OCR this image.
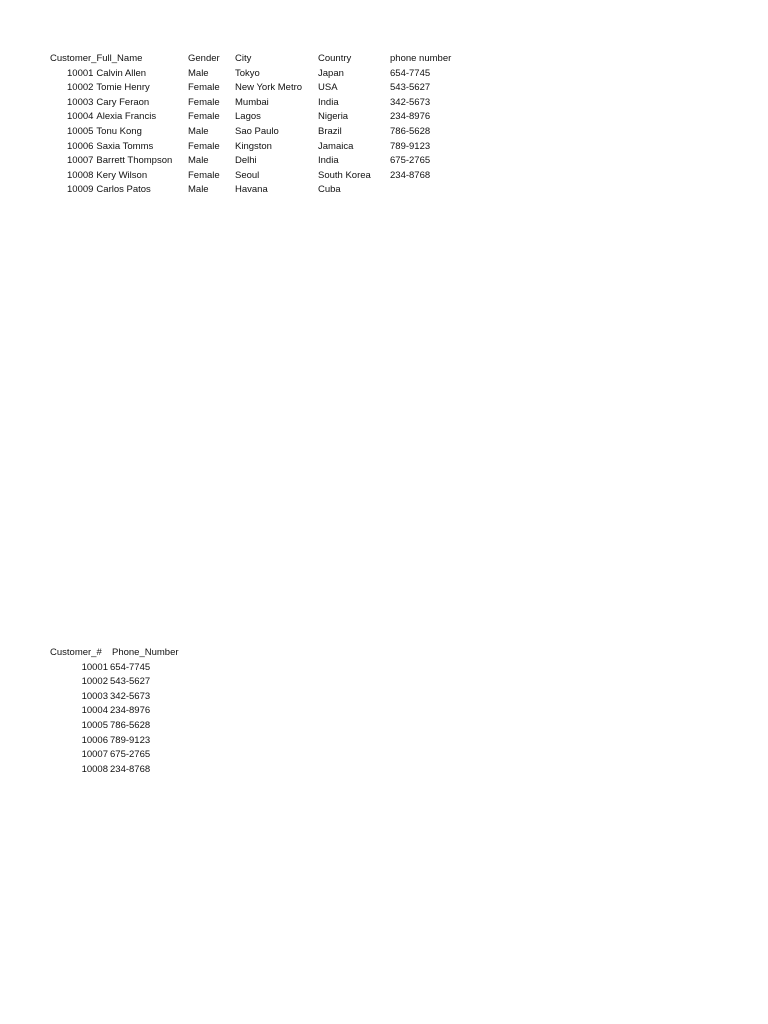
Customer_Full_Name	Gender	City	Country	phone number
10001 Calvin Allen	Male	Tokyo	Japan	654-7745
10002 Tomie Henry	Female	New York Metro	USA	543-5627
10003 Cary Feraon	Female	Mumbai	India	342-5673
10004 Alexia Francis	Female	Lagos	Nigeria	234-8976
10005 Tonu Kong	Male	Sao Paulo	Brazil	786-5628
10006 Saxia Tomms	Female	Kingston	Jamaica	789-9123
10007 Barrett Thompson	Male	Delhi	India	675-2765
10008 Kery Wilson	Female	Seoul	South Korea	234-8768
10009 Carlos Patos	Male	Havana	Cuba
Customer_#	Phone_Number
10001 654-7745
10002 543-5627
10003 342-5673
10004 234-8976
10005 786-5628
10006 789-9123
10007 675-2765
10008 234-8768
